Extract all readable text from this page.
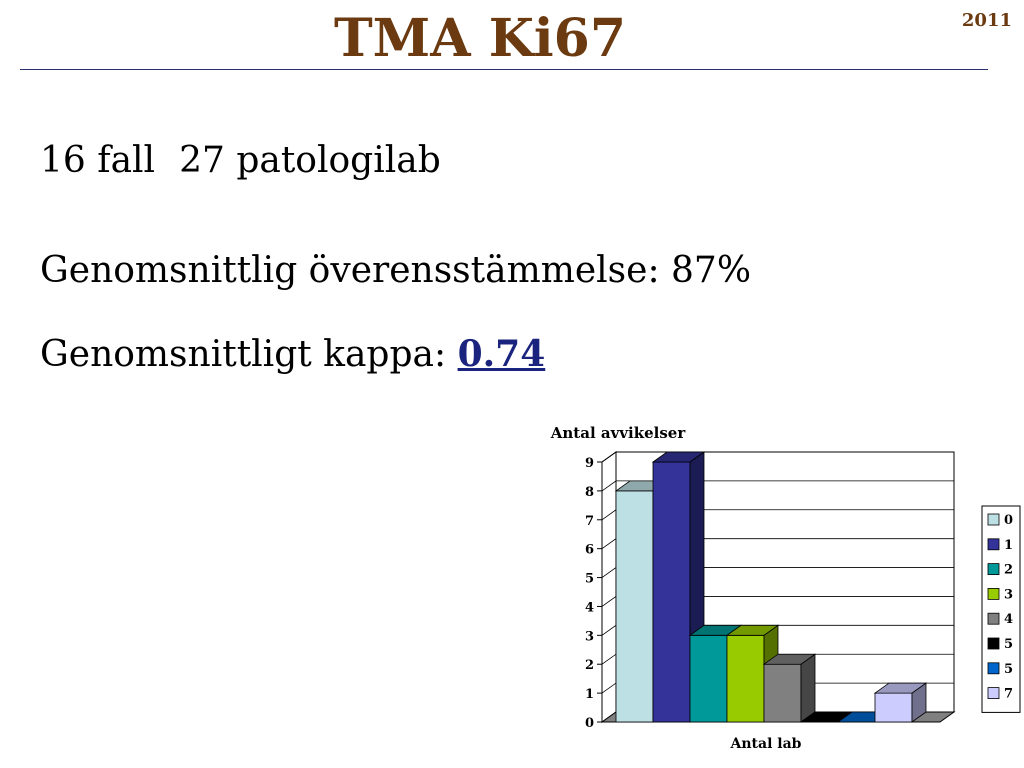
TMA Ki67	2011

16 fall 27 patologilab

Genomsnittlig överensstämmelse: 87%

Genomsnittligt kappa: 0.74

Antal avvikelser
Antal lab
0
1
2
3
4
5
6
7
8
9
0
1
2
3
4
5
5
7
